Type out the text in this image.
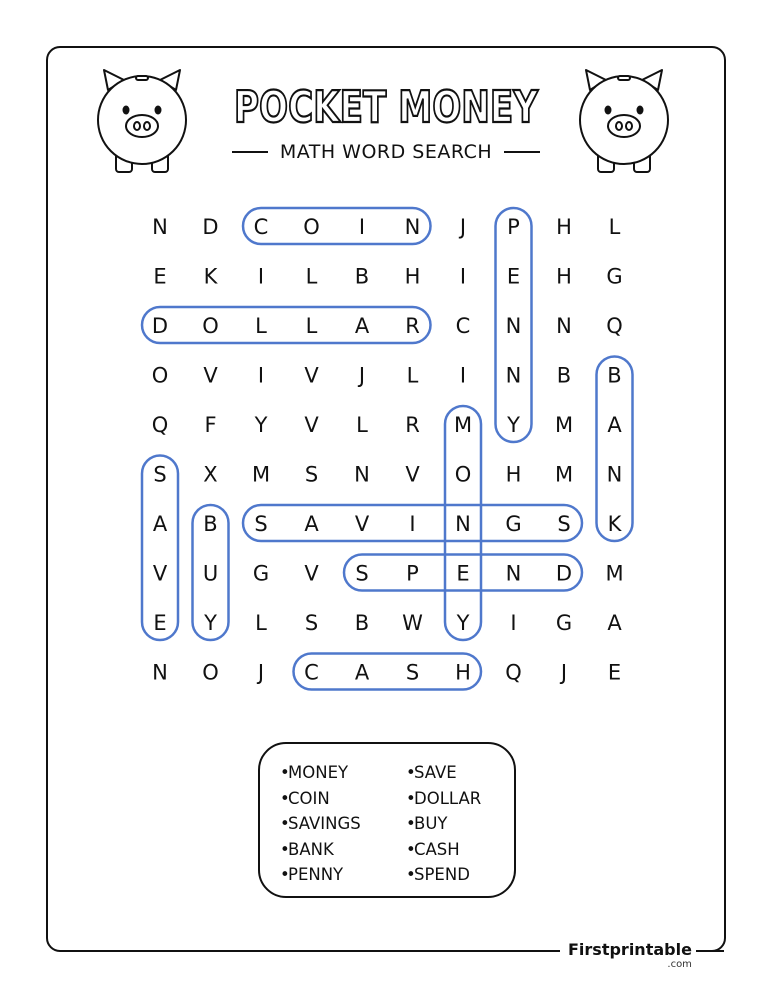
POCKET MONEY
MATH WORD SEARCH
N D C O I N J P H L
E K I L B H I E H G
D O L L A R C N N Q
O V I V J L I N B B
Q F Y V L R M Y M A
S X M S N V O H M N
A B S A V I N G S K
V U G V S P E N D M
E Y L S B W Y I G A
N O J C A S H Q J E
• MONEY
• COIN
• SAVINGS
• BANK
• PENNY
• SAVE
• DOLLAR
• BUY
• CASH
• SPEND
Firstprintable
.com
